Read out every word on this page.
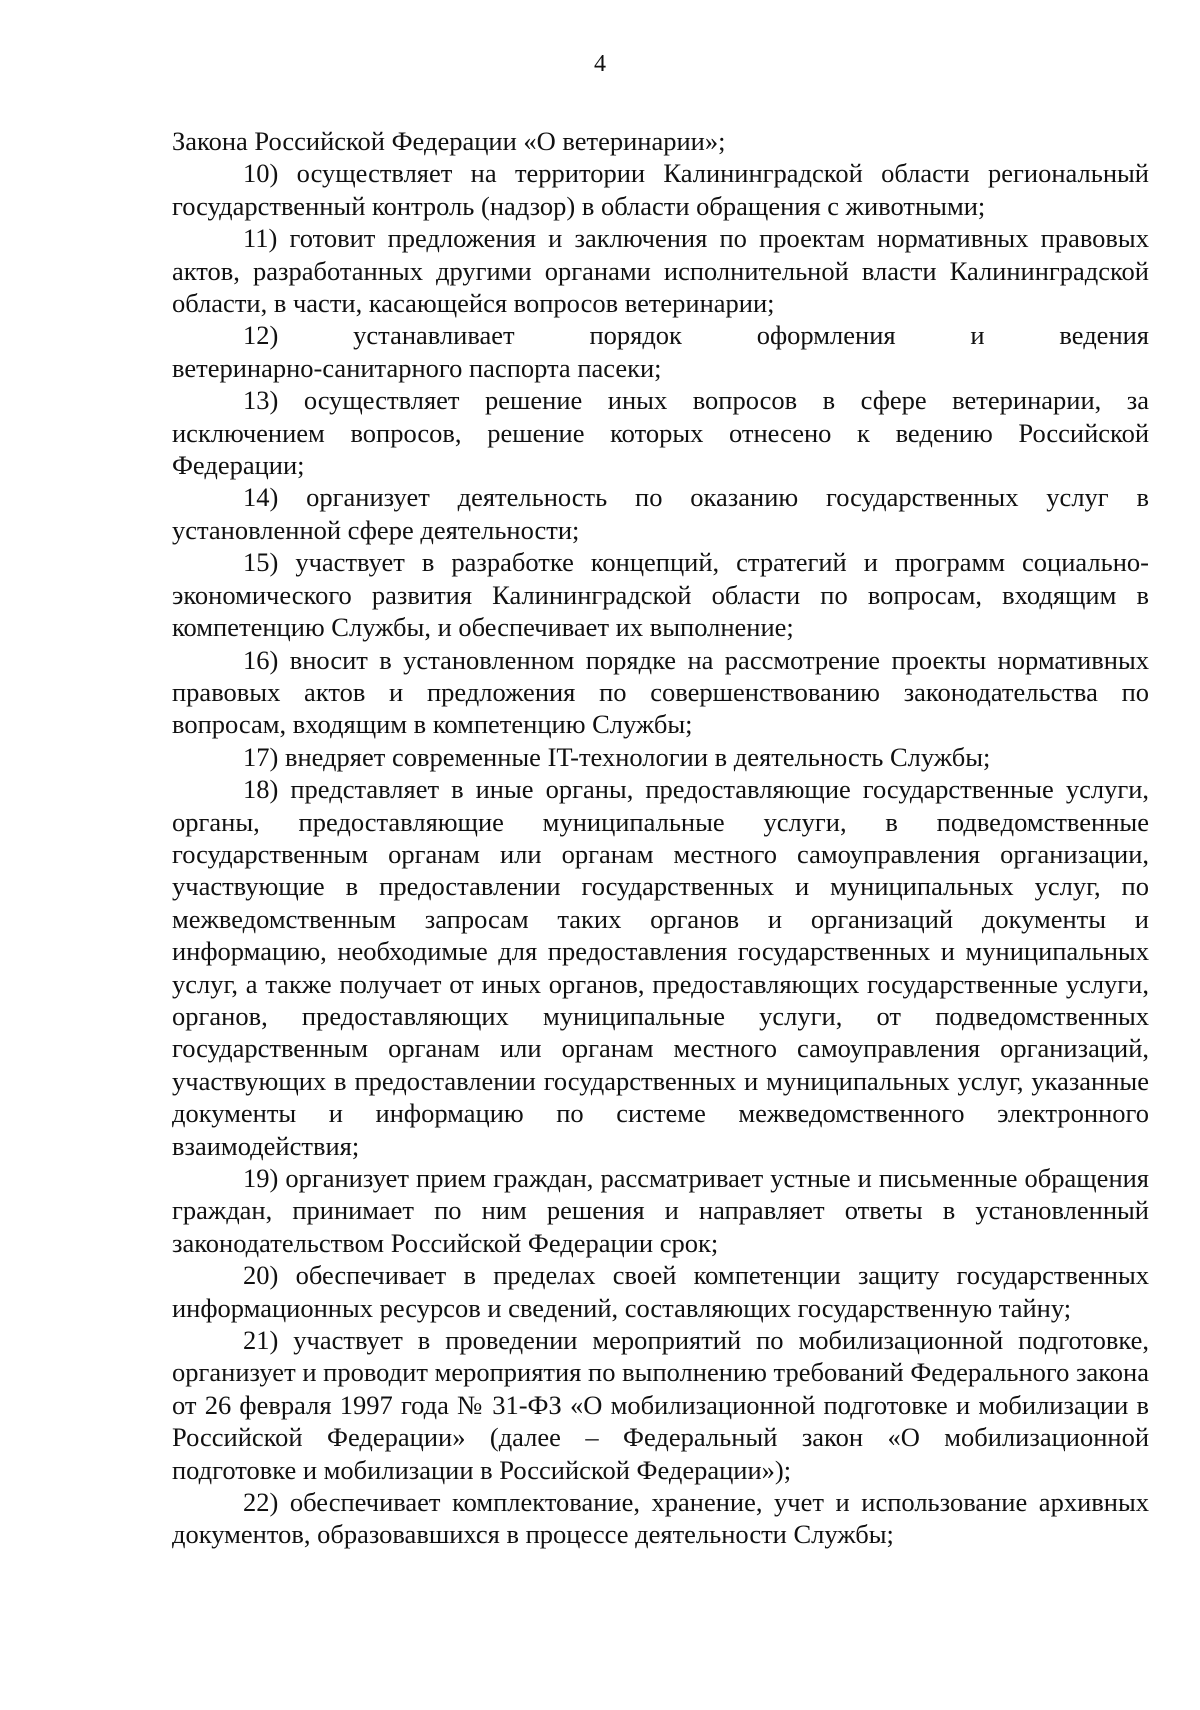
4

Закона Российской Федерации «О ветеринарии»;

10) осуществляет на территории Калининградской области региональный государственный контроль (надзор) в области обращения с животными;

11) готовит предложения и заключения по проектам нормативных правовых актов, разработанных другими органами исполнительной власти Калининградской области, в части, касающейся вопросов ветеринарии;

12) устанавливает порядок оформления и ведения

ветеринарно-санитарного паспорта пасеки;

13) осуществляет решение иных вопросов в сфере ветеринарии, за исключением вопросов, решение которых отнесено к ведению Российской Федерации;

14) организует деятельность по оказанию государственных услуг в установленной сфере деятельности;

15) участвует в разработке концепций, стратегий и программ социально-экономического развития Калининградской области по вопросам, входящим в компетенцию Службы, и обеспечивает их выполнение;

16) вносит в установленном порядке на рассмотрение проекты нормативных правовых актов и предложения по совершенствованию законодательства по вопросам, входящим в компетенцию Службы;

17) внедряет современные IT-технологии в деятельность Службы;

18) представляет в иные органы, предоставляющие государственные услуги, органы, предоставляющие муниципальные услуги, в подведомственные государственным органам или органам местного самоуправления организации, участвующие в предоставлении государственных и муниципальных услуг, по межведомственным запросам таких органов и организаций документы и информацию, необходимые для предоставления государственных и муниципальных услуг, а также получает от иных органов, предоставляющих государственные услуги, органов, предоставляющих муниципальные услуги, от подведомственных государственным органам или органам местного самоуправления организаций, участвующих в предоставлении государственных и муниципальных услуг, указанные документы и информацию по системе межведомственного электронного взаимодействия;

19) организует прием граждан, рассматривает устные и письменные обращения граждан, принимает по ним решения и направляет ответы в установленный законодательством Российской Федерации срок;

20) обеспечивает в пределах своей компетенции защиту государственных информационных ресурсов и сведений, составляющих государственную тайну;

21) участвует в проведении мероприятий по мобилизационной подготовке, организует и проводит мероприятия по выполнению требований Федерального закона от 26 февраля 1997 года № 31-ФЗ «О мобилизационной подготовке и мобилизации в Российской Федерации» (далее – Федеральный закон «О мобилизационной подготовке и мобилизации в Российской Федерации»);

22) обеспечивает комплектование, хранение, учет и использование архивных документов, образовавшихся в процессе деятельности Службы;
